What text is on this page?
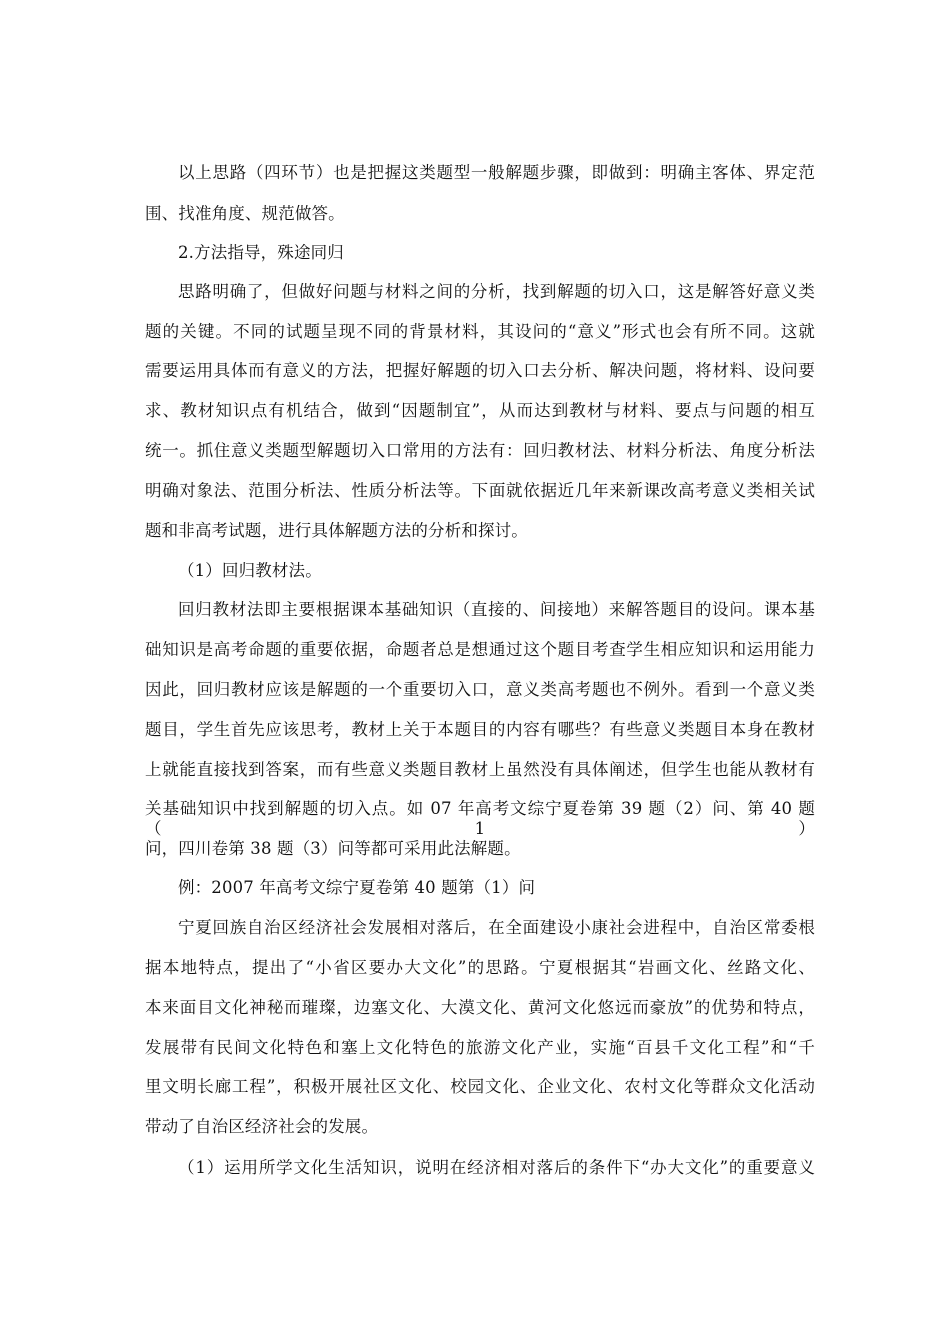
以上思路（四环节）也是把握这类题型一般解题步骤，即做到：明确主客体、界定范
围、找准角度、规范做答。
2.方法指导，殊途同归
思路明确了，但做好问题与材料之间的分析，找到解题的切入口，这是解答好意义类
题的关键。不同的试题呈现不同的背景材料，其设问的“意义”形式也会有所不同。这就
需要运用具体而有意义的方法，把握好解题的切入口去分析、解决问题，将材料、设问要
求、教材知识点有机结合，做到“因题制宜”，从而达到教材与材料、要点与问题的相互
统一。抓住意义类题型解题切入口常用的方法有：回归教材法、材料分析法、角度分析法
明确对象法、范围分析法、性质分析法等。下面就依据近几年来新课改高考意义类相关试
题和非高考试题，进行具体解题方法的分析和探讨。
（1）回归教材法。
回归教材法即主要根据课本基础知识（直接的、间接地）来解答题目的设问。课本基
础知识是高考命题的重要依据，命题者总是想通过这个题目考查学生相应知识和运用能力
因此，回归教材应该是解题的一个重要切入口，意义类高考题也不例外。看到一个意义类
题目，学生首先应该思考，教材上关于本题目的内容有哪些？有些意义类题目本身在教材
上就能直接找到答案，而有些意义类题目教材上虽然没有具体阐述，但学生也能从教材有
关基础知识中找到解题的切入点。如 07 年高考文综宁夏卷第 39 题（2）问、第 40 题（1）
问，四川卷第 38 题（3）问等都可采用此法解题。
例：2007 年高考文综宁夏卷第 40 题第（1）问
宁夏回族自治区经济社会发展相对落后，在全面建设小康社会进程中，自治区常委根
据本地特点，提出了“小省区要办大文化”的思路。宁夏根据其“岩画文化、丝路文化、
本来面目文化神秘而璀璨，边塞文化、大漠文化、黄河文化悠远而豪放”的优势和特点，
发展带有民间文化特色和塞上文化特色的旅游文化产业，实施“百县千文化工程”和“千
里文明长廊工程”，积极开展社区文化、校园文化、企业文化、农村文化等群众文化活动
带动了自治区经济社会的发展。
（1）运用所学文化生活知识，说明在经济相对落后的条件下“办大文化”的重要意义
